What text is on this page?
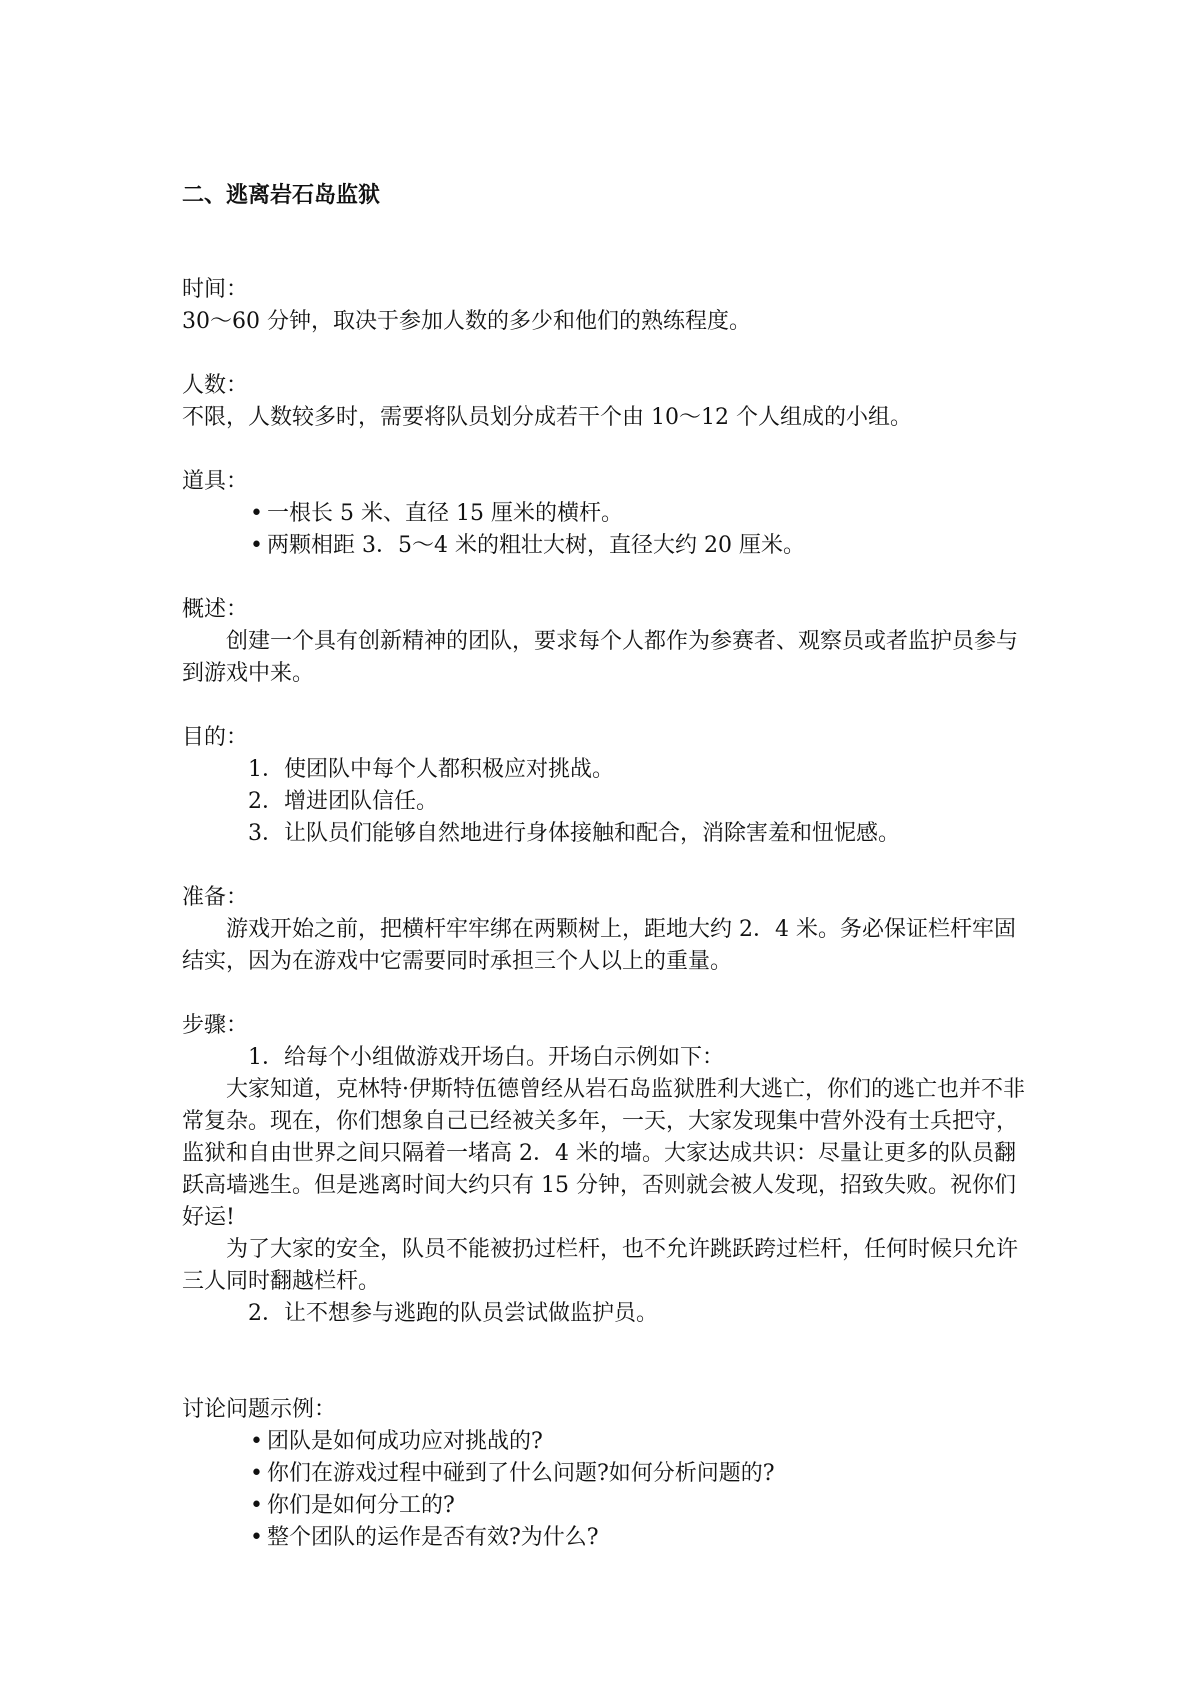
二、逃离岩石岛监狱

时间：

30～60 分钟，取决于参加人数的多少和他们的熟练程度。

人数：

不限，人数较多时，需要将队员划分成若干个由 10～12 个人组成的小组。

道具：

• 一根长 5 米、直径 15 厘米的横杆。

• 两颗相距 3．5～4 米的粗壮大树，直径大约 20 厘米。

概述：

创建一个具有创新精神的团队，要求每个人都作为参赛者、观察员或者监护员参与到游戏中来。

目的：

1．使团队中每个人都积极应对挑战。

2．增进团队信任。

3．让队员们能够自然地进行身体接触和配合，消除害羞和忸怩感。

准备：

游戏开始之前，把横杆牢牢绑在两颗树上，距地大约 2．4 米。务必保证栏杆牢固结实，因为在游戏中它需要同时承担三个人以上的重量。

步骤：

1．给每个小组做游戏开场白。开场白示例如下：

大家知道，克林特·伊斯特伍德曾经从岩石岛监狱胜利大逃亡，你们的逃亡也并不非常复杂。现在，你们想象自己已经被关多年，一天，大家发现集中营外没有士兵把守，监狱和自由世界之间只隔着一堵高 2．4 米的墙。大家达成共识：尽量让更多的队员翻跃高墙逃生。但是逃离时间大约只有 15 分钟，否则就会被人发现，招致失败。祝你们好运!

为了大家的安全，队员不能被扔过栏杆，也不允许跳跃跨过栏杆，任何时候只允许三人同时翻越栏杆。

2．让不想参与逃跑的队员尝试做监护员。

讨论问题示例：

• 团队是如何成功应对挑战的?

• 你们在游戏过程中碰到了什么问题?如何分析问题的?

• 你们是如何分工的?

• 整个团队的运作是否有效?为什么?
